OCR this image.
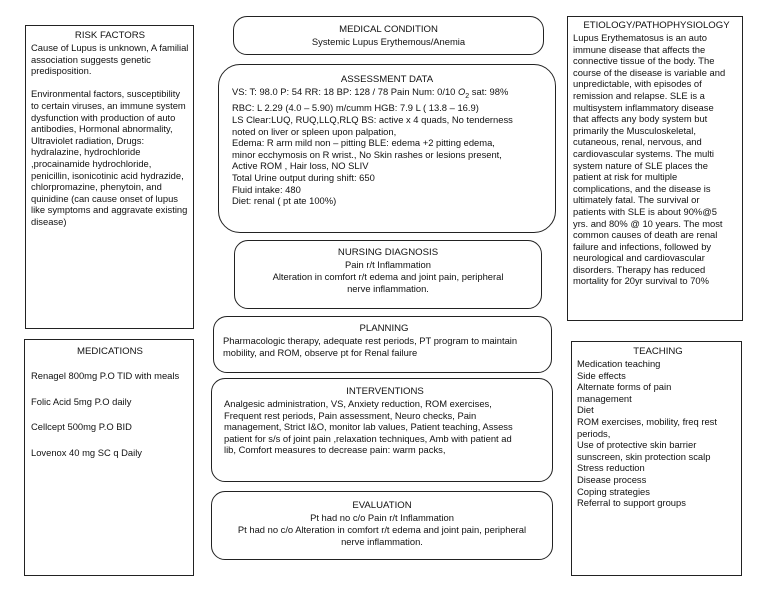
RISK FACTORS
Cause of Lupus is unknown, A familial association suggests genetic predisposition.
Environmental factors, susceptibility to certain viruses, an immune system dysfunction with production of auto antibodies, Hormonal abnormality, Ultraviolet radiation, Drugs: hydralazine, hydrochloride ,procainamide hydrochloride, penicillin, isonicotinic acid hydrazide, chlorpromazine, phenytoin, and quinidine (can cause onset of lupus like symptoms and aggravate existing disease)
MEDICAL CONDITION
Systemic Lupus Erythemous/Anemia
ASSESSMENT DATA
VS: T: 98.0 P: 54 RR: 18 BP: 128 / 78 Pain Num: 0/10 $O_2$ sat: 98%
RBC: L 2.29 (4.0 – 5.90) m/cumm HGB: 7.9 L ( 13.8 – 16.9)
LS Clear:LUQ, RUQ,LLQ,RLQ BS: active x 4 quads, No tenderness
noted on liver or spleen upon palpation,
Edema: R arm mild non – pitting BLE: edema +2 pitting edema,
minor ecchymosis on R wrist., No Skin rashes or lesions present,
Active ROM , Hair loss, NO SLIV
Total Urine output during shift: 650
Fluid intake: 480
Diet: renal ( pt ate 100%)
NURSING DIAGNOSIS
Pain r/t Inflammation
Alteration in comfort r/t edema and joint pain, peripheral
nerve inflammation.
PLANNING
Pharmacologic therapy, adequate rest periods, PT program to maintain
mobility, and ROM, observe pt for Renal failure
INTERVENTIONS
Analgesic administration, VS, Anxiety reduction, ROM exercises,
Frequent rest periods, Pain assessment, Neuro checks, Pain
management, Strict I&O, monitor lab values, Patient teaching, Assess
patient for s/s of joint pain ,relaxation techniques, Amb with patient ad
lib, Comfort measures to decrease pain: warm packs,
EVALUATION
Pt had no c/o Pain r/t Inflammation
Pt had no c/o Alteration in comfort r/t edema and joint pain, peripheral
nerve inflammation.
ETIOLOGY/PATHOPHYSIOLOGY
Lupus Erythematosus is an auto
immune disease that affects the
connective tissue of the body. The
course of the disease is variable and
unpredictable, with episodes of
remission and relapse. SLE is a
multisystem inflammatory disease
that affects any body system but
primarily the Musculoskeletal,
cutaneous, renal, nervous, and
cardiovascular systems. The multi
system nature of SLE places the
patient at risk for multiple
complications, and the disease is
ultimately fatal. The survival or
patients with SLE is about 90%@5
yrs. and 80% @ 10 years. The most
common causes of death are renal
failure and infections, followed by
neurological and cardiovascular
disorders. Therapy has reduced
mortality for 20yr survival to 70%
MEDICATIONS
Renagel 800mg P.O TID with meals
Folic Acid 5mg P.O daily
Cellcept 500mg P.O BID
Lovenox 40 mg SC q Daily
TEACHING
Medication teaching
Side effects
Alternate forms of pain
management
Diet
ROM exercises, mobility, freq rest
periods,
Use of protective skin barrier
sunscreen, skin protection scalp
Stress reduction
Disease process
Coping strategies
Referral to support groups
